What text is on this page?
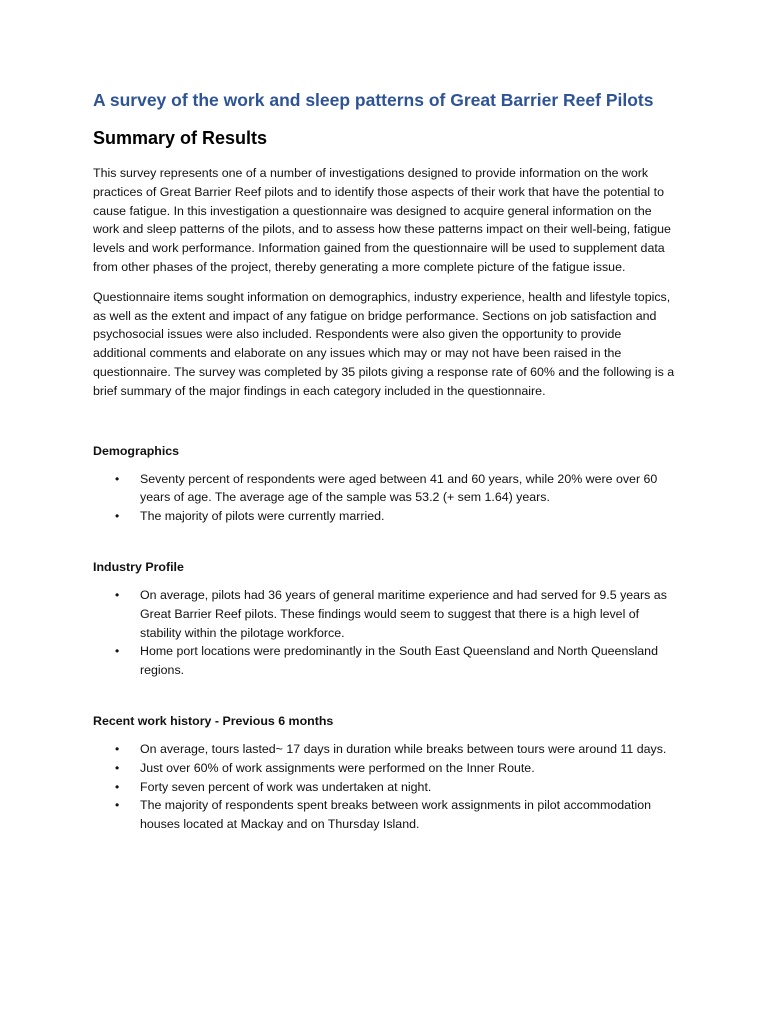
A survey of the work and sleep patterns of Great Barrier Reef Pilots
Summary of Results

This survey represents one of a number of investigations designed to provide information on the work practices of Great Barrier Reef pilots and to identify those aspects of their work that have the potential to cause fatigue. In this investigation a questionnaire was designed to acquire general information on the work and sleep patterns of the pilots, and to assess how these patterns impact on their well-being, fatigue levels and work performance. Information gained from the questionnaire will be used to supplement data from other phases of the project, thereby generating a more complete picture of the fatigue issue.

Questionnaire items sought information on demographics, industry experience, health and lifestyle topics, as well as the extent and impact of any fatigue on bridge performance. Sections on job satisfaction and psychosocial issues were also included. Respondents were also given the opportunity to provide additional comments and elaborate on any issues which may or may not have been raised in the questionnaire. The survey was completed by 35 pilots giving a response rate of 60% and the following is a brief summary of the major findings in each category included in the questionnaire.

Demographics
• Seventy percent of respondents were aged between 41 and 60 years, while 20% were over 60 years of age. The average age of the sample was 53.2 (+ sem 1.64) years.
• The majority of pilots were currently married.
Industry Profile
• On average, pilots had 36 years of general maritime experience and had served for 9.5 years as Great Barrier Reef pilots. These findings would seem to suggest that there is a high level of stability within the pilotage workforce.
• Home port locations were predominantly in the South East Queensland and North Queensland regions.
Recent work history - Previous 6 months
• On average, tours lasted~ 17 days in duration while breaks between tours were around 11 days.
• Just over 60% of work assignments were performed on the Inner Route.
• Forty seven percent of work was undertaken at night.
• The majority of respondents spent breaks between work assignments in pilot accommodation houses located at Mackay and on Thursday Island.
